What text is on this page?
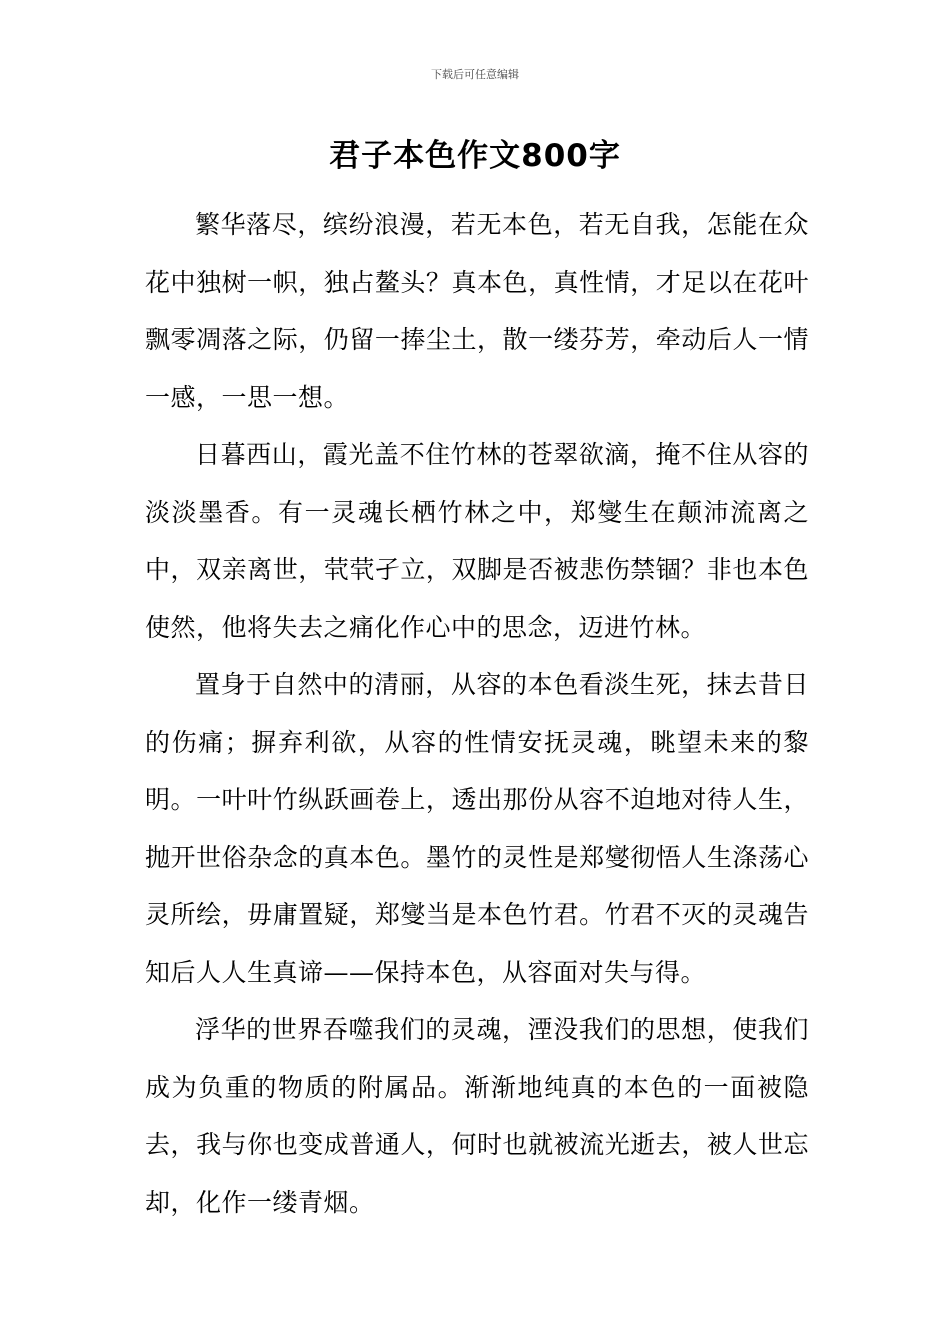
下载后可任意编辑
君子本色作文800字

繁华落尽，缤纷浪漫，若无本色，若无自我，怎能在众花中独树一帜，独占鳌头？真本色，真性情，才足以在花叶飘零凋落之际，仍留一捧尘土，散一缕芬芳，牵动后人一情一感，一思一想。

日暮西山，霞光盖不住竹林的苍翠欲滴，掩不住从容的淡淡墨香。有一灵魂长栖竹林之中，郑燮生在颠沛流离之中，双亲离世，茕茕孑立，双脚是否被悲伤禁锢？非也本色使然，他将失去之痛化作心中的思念，迈进竹林。

置身于自然中的清丽，从容的本色看淡生死，抹去昔日的伤痛；摒弃利欲，从容的性情安抚灵魂，眺望未来的黎明。一叶叶竹纵跃画卷上，透出那份从容不迫地对待人生，抛开世俗杂念的真本色。墨竹的灵性是郑燮彻悟人生涤荡心灵所绘，毋庸置疑，郑燮当是本色竹君。竹君不灭的灵魂告知后人人生真谛——保持本色，从容面对失与得。

浮华的世界吞噬我们的灵魂，湮没我们的思想，使我们成为负重的物质的附属品。渐渐地纯真的本色的一面被隐去，我与你也变成普通人，何时也就被流光逝去，被人世忘却，化作一缕青烟。
